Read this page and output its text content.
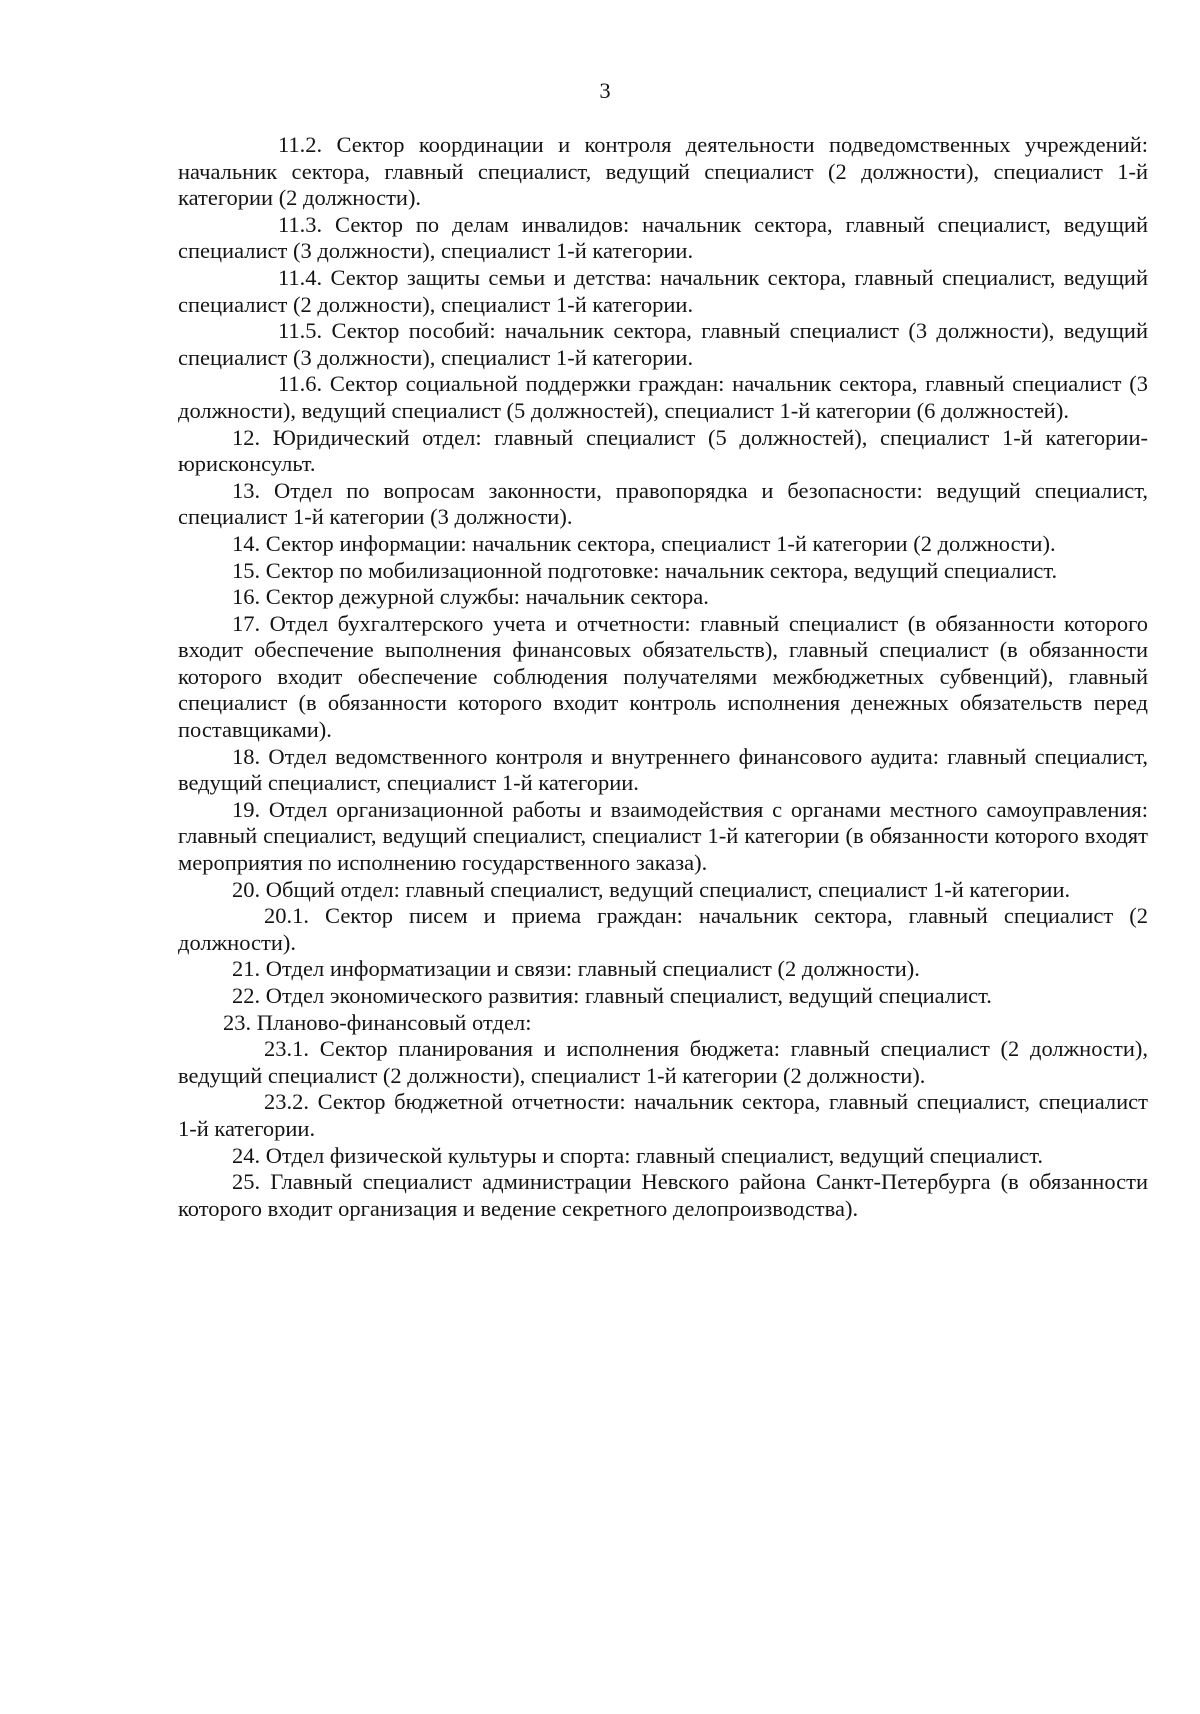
3

11.2. Сектор координации и контроля деятельности подведомственных учреждений: начальник сектора, главный специалист, ведущий специалист (2 должности), специалист 1-й категории (2 должности).

11.3. Сектор по делам инвалидов: начальник сектора, главный специалист, ведущий специалист (3 должности), специалист 1-й категории.

11.4. Сектор защиты семьи и детства: начальник сектора, главный специалист, ведущий специалист (2 должности), специалист 1-й категории.

11.5. Сектор пособий: начальник сектора, главный специалист (3 должности), ведущий специалист (3 должности), специалист 1-й категории.

11.6. Сектор социальной поддержки граждан: начальник сектора, главный специалист (3 должности), ведущий специалист (5 должностей), специалист 1-й категории (6 должностей).

12. Юридический отдел: главный специалист (5 должностей), специалист 1-й категории-юрисконсульт.

13. Отдел по вопросам законности, правопорядка и безопасности: ведущий специалист, специалист 1-й категории (3 должности).

14. Сектор информации: начальник сектора, специалист 1-й категории (2 должности).

15. Сектор по мобилизационной подготовке: начальник сектора, ведущий специалист.

16. Сектор дежурной службы: начальник сектора.

17. Отдел бухгалтерского учета и отчетности: главный специалист (в обязанности которого входит обеспечение выполнения финансовых обязательств), главный специалист (в обязанности которого входит обеспечение соблюдения получателями межбюджетных субвенций), главный специалист (в обязанности которого входит контроль исполнения денежных обязательств перед поставщиками).

18. Отдел ведомственного контроля и внутреннего финансового аудита: главный специалист, ведущий специалист, специалист 1-й категории.

19. Отдел организационной работы и взаимодействия с органами местного самоуправления: главный специалист, ведущий специалист, специалист 1-й категории (в обязанности которого входят мероприятия по исполнению государственного заказа).

20. Общий отдел: главный специалист, ведущий специалист, специалист 1-й категории.

20.1. Сектор писем и приема граждан: начальник сектора, главный специалист (2 должности).

21. Отдел информатизации и связи: главный специалист (2 должности).

22. Отдел экономического развития: главный специалист, ведущий специалист.

23. Планово-финансовый отдел:

23.1. Сектор планирования и исполнения бюджета: главный специалист (2 должности), ведущий специалист (2 должности), специалист 1-й категории (2 должности).

23.2. Сектор бюджетной отчетности: начальник сектора, главный специалист, специалист 1-й категории.

24. Отдел физической культуры и спорта: главный специалист, ведущий специалист.

25. Главный специалист администрации Невского района Санкт-Петербурга (в обязанности которого входит организация и ведение секретного делопроизводства).
